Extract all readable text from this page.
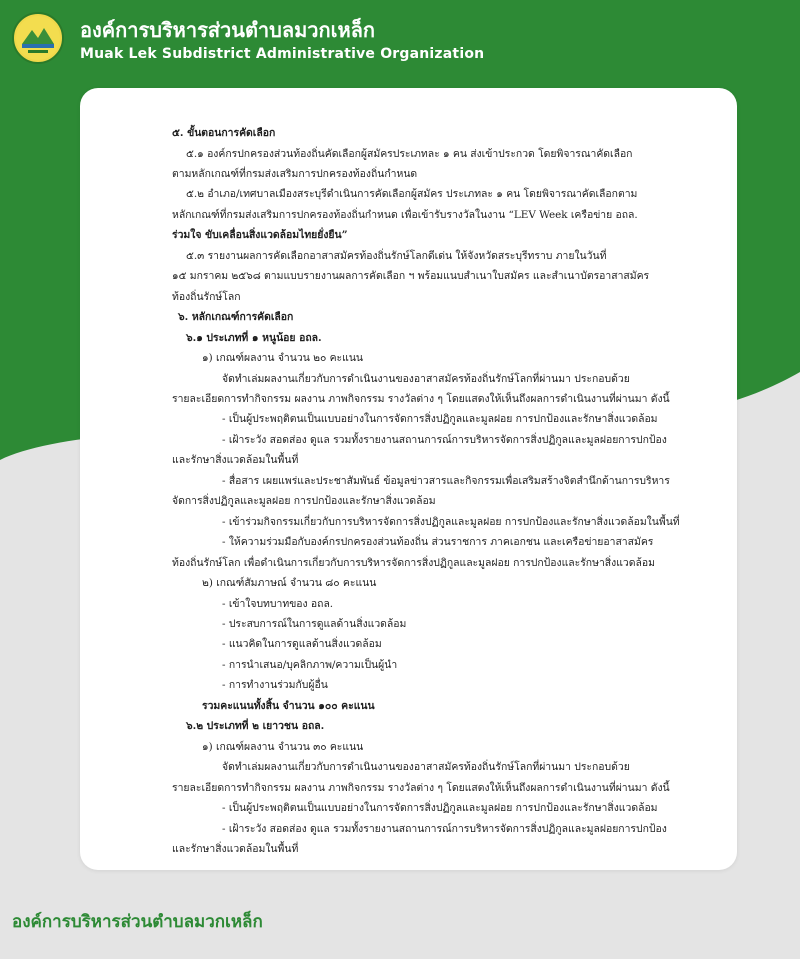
องค์การบริหารส่วนตำบลมวกเหล็ก
Muak Lek Subdistrict Administrative Organization
๕. ขั้นตอนการคัดเลือก
๕.๑ องค์กรปกครองส่วนท้องถิ่นคัดเลือกผู้สมัครประเภทละ ๑ คน ส่งเข้าประกวด โดยพิจารณาคัดเลือก
ตามหลักเกณฑ์ที่กรมส่งเสริมการปกครองท้องถิ่นกำหนด
๕.๒ อำเภอ/เทศบาลเมืองสระบุรีดำเนินการคัดเลือกผู้สมัคร ประเภทละ ๑ คน โดยพิจารณาคัดเลือกตาม
หลักเกณฑ์ที่กรมส่งเสริมการปกครองท้องถิ่นกำหนด เพื่อเข้ารับรางวัลในงาน “LEV Week เครือข่าย อถล.
ร่วมใจ ขับเคลื่อนสิ่งแวดล้อมไทยยั่งยืน”
๕.๓ รายงานผลการคัดเลือกอาสาสมัครท้องถิ่นรักษ์โลกดีเด่น ให้จังหวัดสระบุรีทราบ ภายในวันที่
๑๕ มกราคม ๒๕๖๘ ตามแบบรายงานผลการคัดเลือก ฯ พร้อมแนบสำเนาใบสมัคร และสำเนาบัตรอาสาสมัคร
ท้องถิ่นรักษ์โลก
๖. หลักเกณฑ์การคัดเลือก
๖.๑ ประเภทที่ ๑ หนูน้อย อถล.
๑) เกณฑ์ผลงาน จำนวน ๒๐ คะแนน
จัดทำเล่มผลงานเกี่ยวกับการดำเนินงานของอาสาสมัครท้องถิ่นรักษ์โลกที่ผ่านมา ประกอบด้วย
รายละเอียดการทำกิจกรรม ผลงาน ภาพกิจกรรม รางวัลต่าง ๆ โดยแสดงให้เห็นถึงผลการดำเนินงานที่ผ่านมา ดังนี้
- เป็นผู้ประพฤติตนเป็นแบบอย่างในการจัดการสิ่งปฏิกูลและมูลฝอย การปกป้องและรักษาสิ่งแวดล้อม
- เฝ้าระวัง สอดส่อง ดูแล รวมทั้งรายงานสถานการณ์การบริหารจัดการสิ่งปฏิกูลและมูลฝอยการปกป้อง
และรักษาสิ่งแวดล้อมในพื้นที่
- สื่อสาร เผยแพร่และประชาสัมพันธ์ ข้อมูลข่าวสารและกิจกรรมเพื่อเสริมสร้างจิตสำนึกด้านการบริหาร
จัดการสิ่งปฏิกูลและมูลฝอย การปกป้องและรักษาสิ่งแวดล้อม
- เข้าร่วมกิจกรรมเกี่ยวกับการบริหารจัดการสิ่งปฏิกูลและมูลฝอย การปกป้องและรักษาสิ่งแวดล้อมในพื้นที่
- ให้ความร่วมมือกับองค์กรปกครองส่วนท้องถิ่น ส่วนราชการ ภาคเอกชน และเครือข่ายอาสาสมัคร
ท้องถิ่นรักษ์โลก เพื่อดำเนินการเกี่ยวกับการบริหารจัดการสิ่งปฏิกูลและมูลฝอย การปกป้องและรักษาสิ่งแวดล้อม
๒) เกณฑ์สัมภาษณ์ จำนวน ๘๐ คะแนน
- เข้าใจบทบาทของ อถล.
- ประสบการณ์ในการดูแลด้านสิ่งแวดล้อม
- แนวคิดในการดูแลด้านสิ่งแวดล้อม
- การนำเสนอ/บุคลิกภาพ/ความเป็นผู้นำ
- การทำงานร่วมกับผู้อื่น
รวมคะแนนทั้งสิ้น จำนวน ๑๐๐ คะแนน
๖.๒ ประเภทที่ ๒ เยาวชน อถล.
๑) เกณฑ์ผลงาน จำนวน ๓๐ คะแนน
จัดทำเล่มผลงานเกี่ยวกับการดำเนินงานของอาสาสมัครท้องถิ่นรักษ์โลกที่ผ่านมา ประกอบด้วย
รายละเอียดการทำกิจกรรม ผลงาน ภาพกิจกรรม รางวัลต่าง ๆ โดยแสดงให้เห็นถึงผลการดำเนินงานที่ผ่านมา ดังนี้
- เป็นผู้ประพฤติตนเป็นแบบอย่างในการจัดการสิ่งปฏิกูลและมูลฝอย การปกป้องและรักษาสิ่งแวดล้อม
- เฝ้าระวัง สอดส่อง ดูแล รวมทั้งรายงานสถานการณ์การบริหารจัดการสิ่งปฏิกูลและมูลฝอยการปกป้อง
และรักษาสิ่งแวดล้อมในพื้นที่
องค์การบริหารส่วนตำบลมวกเหล็ก
